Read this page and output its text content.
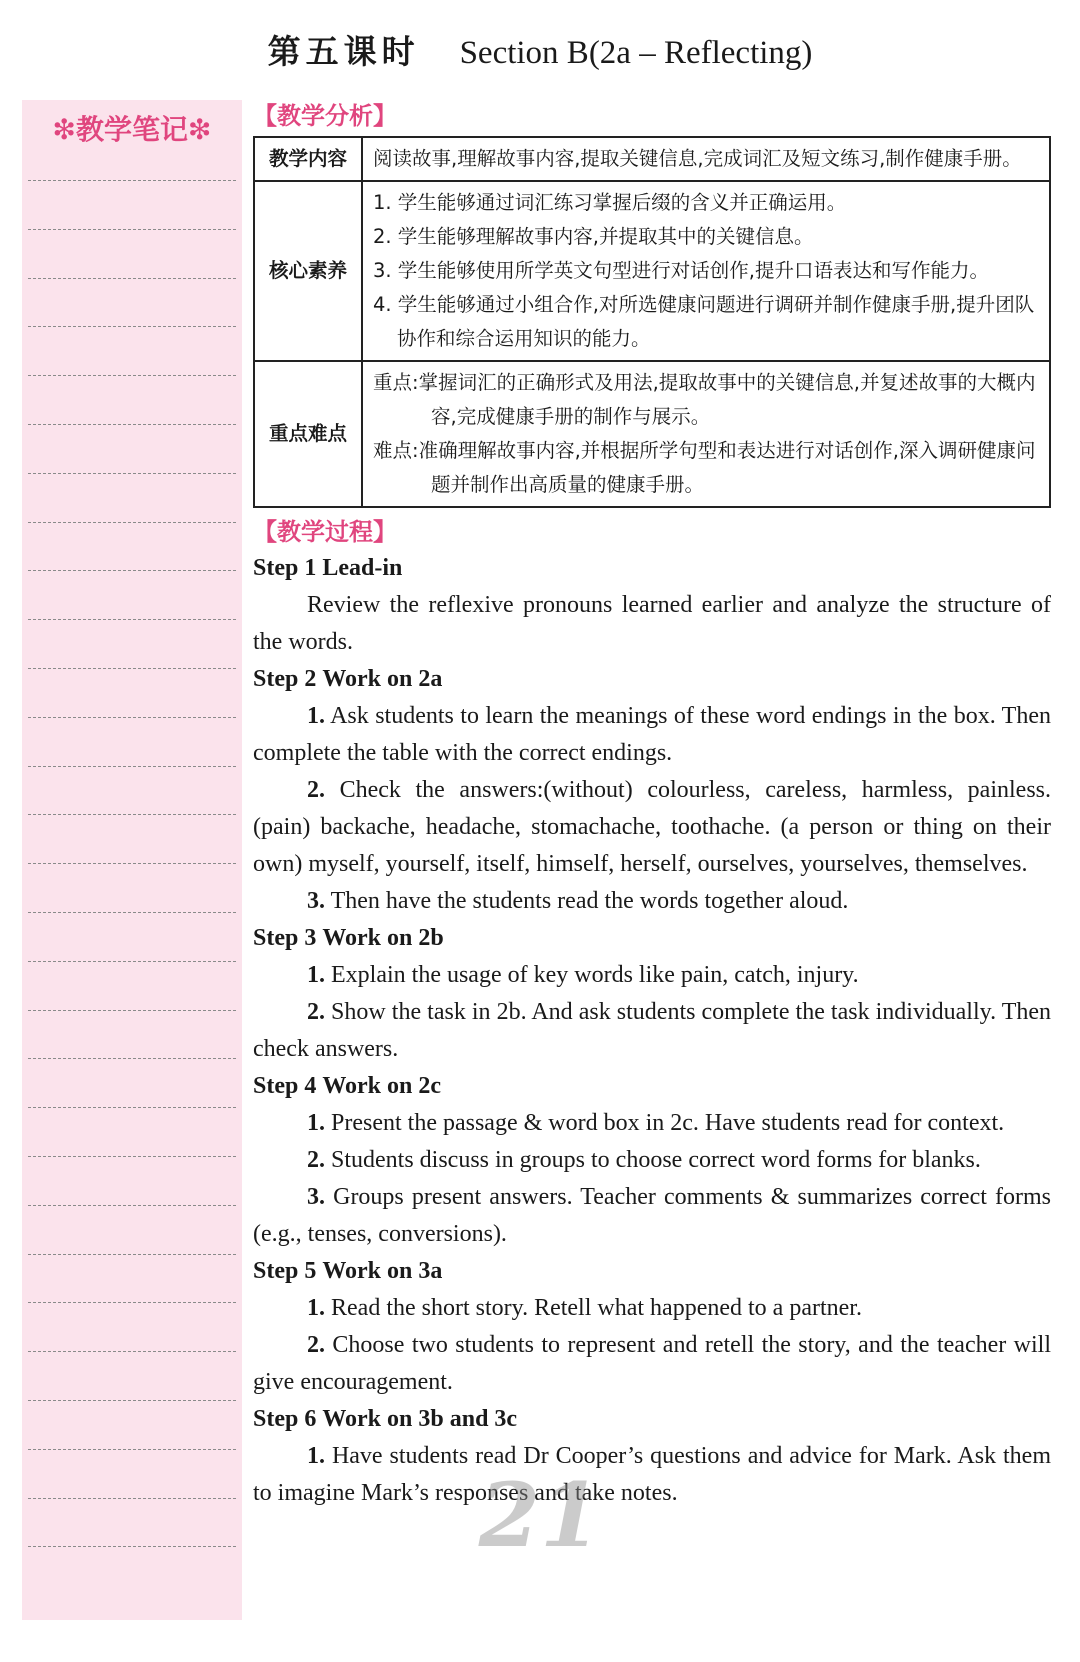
第五课时 Section B(2a – Reflecting)
❇教学笔记❇	【教学分析】
教学内容	阅读故事,理解故事内容,提取关键信息,完成词汇及短文练习,制作健康手册。

核心素养	1. 学生能够通过词汇练习掌握后缀的含义并正确运用。
2. 学生能够理解故事内容,并提取其中的关键信息。
3. 学生能够使用所学英文句型进行对话创作,提升口语表达和写作能力。
4. 学生能够通过小组合作,对所选健康问题进行调研并制作健康手册,提升团队协作和综合运用知识的能力。

重点难点	重点:掌握词汇的正确形式及用法,提取故事中的关键信息,并复述故事的大概内容,完成健康手册的制作与展示。
难点:准确理解故事内容,并根据所学句型和表达进行对话创作,深入调研健康问题并制作出高质量的健康手册。
【教学过程】
Step 1 Lead-in

Review the reflexive pronouns learned earlier and analyze the structure of the words.

Step 2 Work on 2a

1. Ask students to learn the meanings of these word endings in the box. Then complete the table with the correct endings.

2. Check the answers:(without) colourless, careless, harmless, painless. (pain) backache, headache, stomachache, toothache. (a person or thing on their own) myself, yourself, itself, himself, herself, ourselves, yourselves, themselves.

3. Then have the students read the words together aloud.

Step 3 Work on 2b

1. Explain the usage of key words like pain, catch, injury.

2. Show the task in 2b. And ask students complete the task individually. Then check answers.

Step 4 Work on 2c

1. Present the passage & word box in 2c. Have students read for context.

2. Students discuss in groups to choose correct word forms for blanks.

3. Groups present answers. Teacher comments & summarizes correct forms (e.g., tenses, conversions).

Step 5 Work on 3a

1. Read the short story. Retell what happened to a partner.

2. Choose two students to represent and retell the story, and the teacher will give encouragement.

Step 6 Work on 3b and 3c

1. Have students read Dr Cooper’s questions and advice for Mark. Ask them to imagine Mark’s responses and take notes.

21
